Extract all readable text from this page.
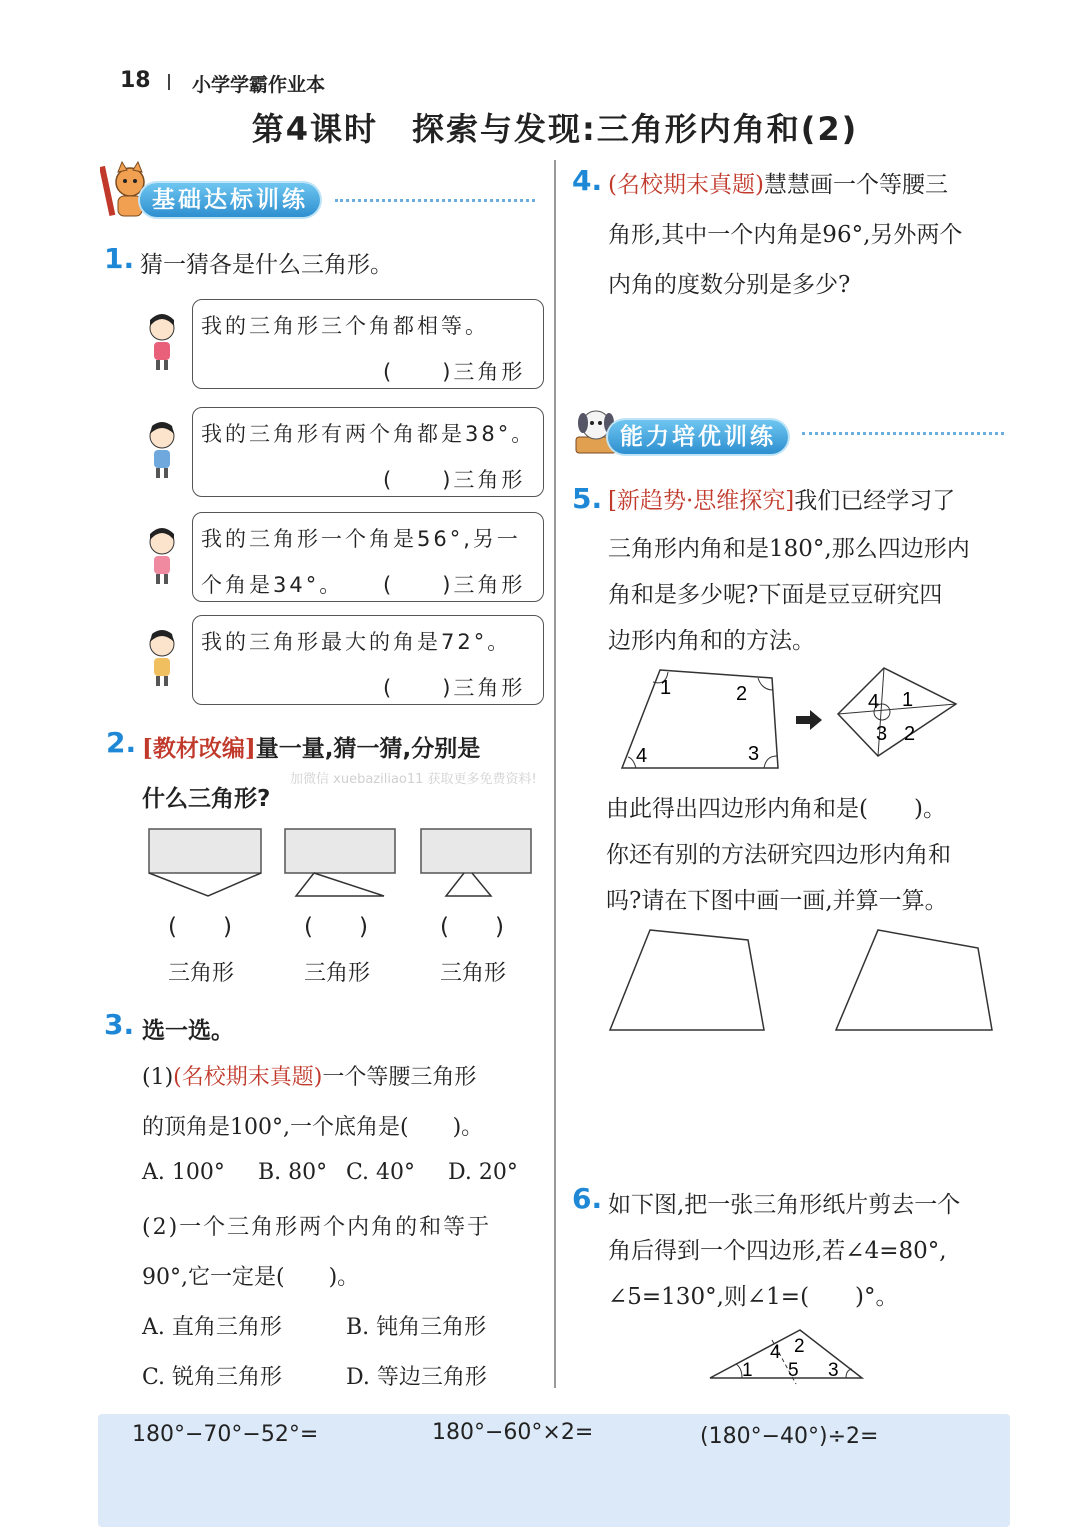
18 小学学霸作业本
第4课时　探索与发现:三角形内角和(2)
基础达标训练
1. 猜一猜各是什么三角形。
我的三角形三个角都相等。
(　　)三角形
我的三角形有两个角都是38°。
(　　)三角形
我的三角形一个角是56°,另一
个角是34°。 (　　)三角形
我的三角形最大的角是72°。
(　　)三角形
2. [教材改编]量一量,猜一猜,分别是
什么三角形?
加微信 xuebaziliao11 获取更多免费资料!
(　　)	(　　)	(　　)
三角形	三角形	三角形
3. 选一选。
(1)(名校期末真题)一个等腰三角形
的顶角是100°,一个底角是(　　)。
A. 100° B. 80° C. 40° D. 20°
(2)一个三角形两个内角的和等于
90°,它一定是(　　)。
A. 直角三角形	B. 钝角三角形
C. 锐角三角形	D. 等边三角形
4. (名校期末真题)慧慧画一个等腰三
角形,其中一个内角是96°,另外两个
内角的度数分别是多少?
能力培优训练
5. [新趋势·思维探究]我们已经学习了
三角形内角和是180°,那么四边形内
角和是多少呢?下面是豆豆研究四
边形内角和的方法。
1	2
3
4
4 1
3 2
由此得出四边形内角和是(　　)。
你还有别的方法研究四边形内角和
吗?请在下图中画一画,并算一算。
6. 如下图,把一张三角形纸片剪去一个
角后得到一个四边形,若∠4=80°,
∠5=130°,则∠1=(　　)°。
1
2
3
4
5
180°−70°−52°=	180°−60°×2=	(180°−40°)÷2=
